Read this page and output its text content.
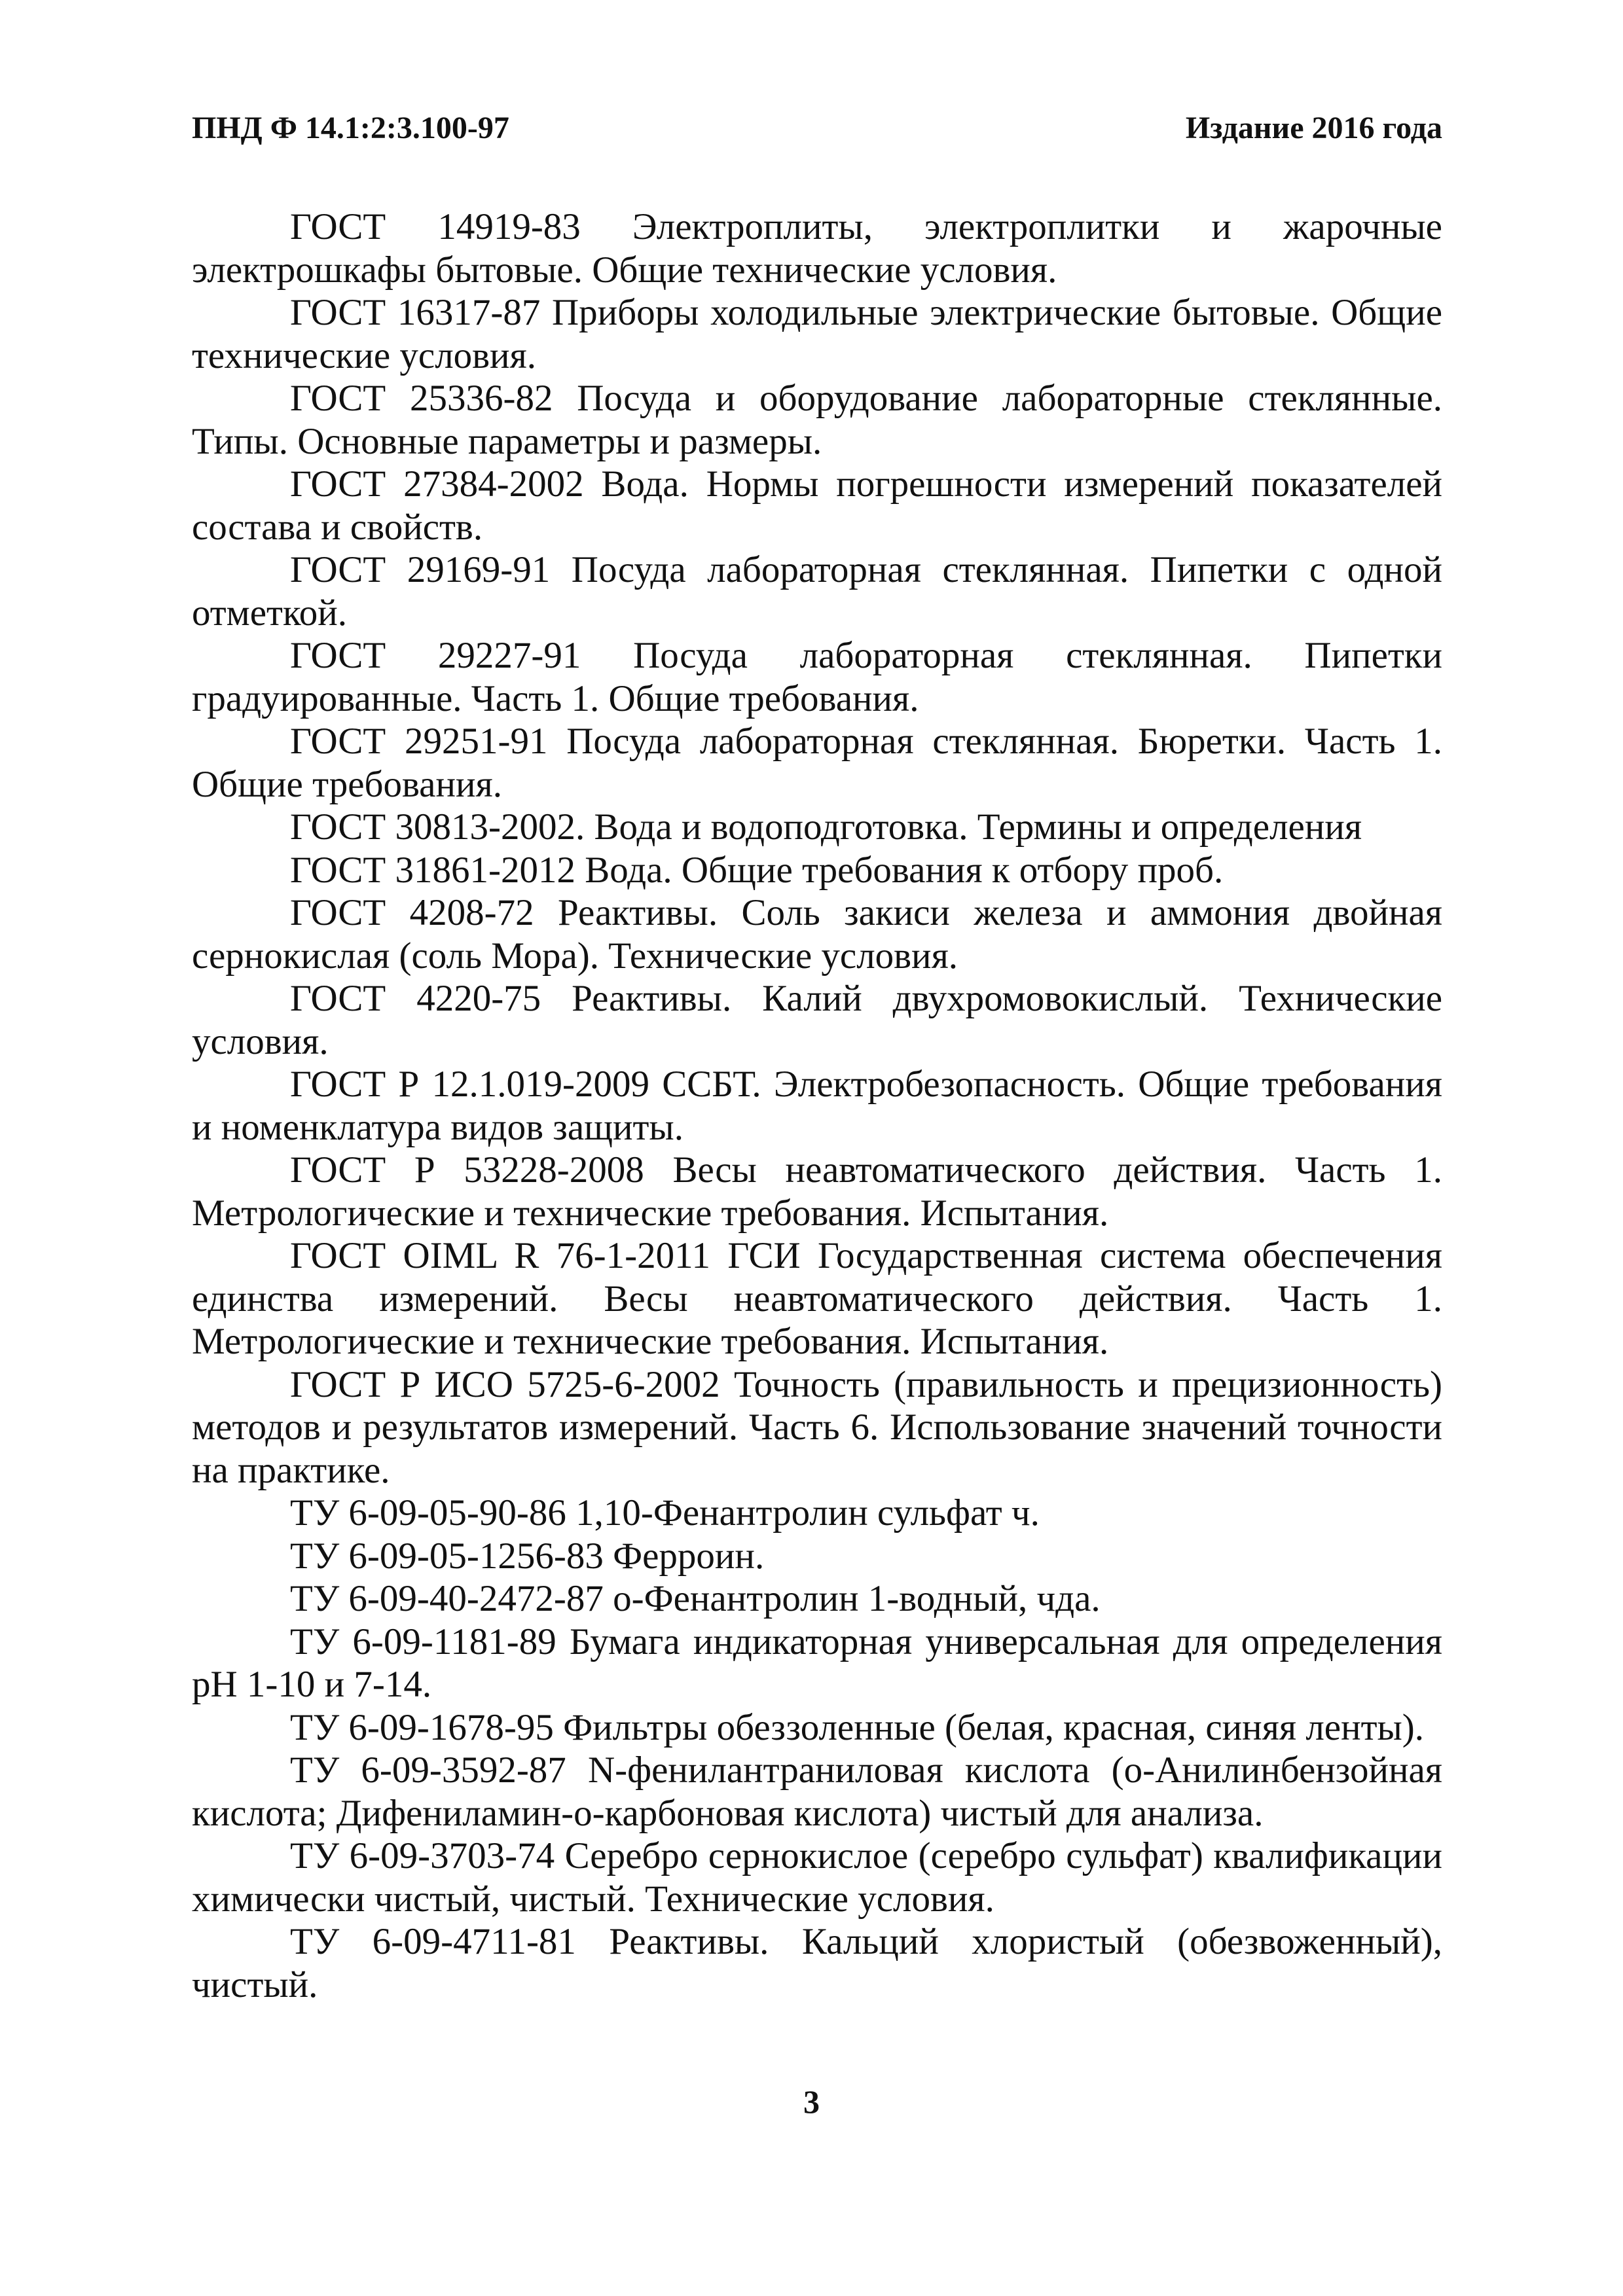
ПНД Ф 14.1:2:3.100-97	Издание 2016 года

ГОСТ 14919-83 Электроплиты, электроплитки и жарочные электрошкафы бытовые. Общие технические условия.

ГОСТ 16317-87 Приборы холодильные электрические бытовые. Общие технические условия.

ГОСТ 25336-82 Посуда и оборудование лабораторные стеклянные. Типы. Основные параметры и размеры.

ГОСТ 27384-2002 Вода. Нормы погрешности измерений показателей состава и свойств.

ГОСТ 29169-91 Посуда лабораторная стеклянная. Пипетки с одной отметкой.

ГОСТ 29227-91 Посуда лабораторная стеклянная. Пипетки градуированные. Часть 1. Общие требования.

ГОСТ 29251-91 Посуда лабораторная стеклянная. Бюретки. Часть 1. Общие требования.

ГОСТ 30813-2002. Вода и водоподготовка. Термины и определения

ГОСТ 31861-2012 Вода. Общие требования к отбору проб.

ГОСТ 4208-72 Реактивы. Соль закиси железа и аммония двойная сернокислая (соль Мора). Технические условия.

ГОСТ 4220-75 Реактивы. Калий двухромовокислый. Технические условия.

ГОСТ Р 12.1.019-2009 ССБТ. Электробезопасность. Общие требования и номенклатура видов защиты.

ГОСТ Р 53228-2008 Весы неавтоматического действия. Часть 1. Метрологические и технические требования. Испытания.

ГОСТ OIML R 76-1-2011 ГСИ Государственная система обеспечения единства измерений. Весы неавтоматического действия. Часть 1. Метрологические и технические требования. Испытания.

ГОСТ Р ИСО 5725-6-2002 Точность (правильность и прецизионность) методов и результатов измерений. Часть 6. Использование значений точности на практике.

ТУ 6-09-05-90-86 1,10-Фенантролин сульфат ч.

ТУ 6-09-05-1256-83 Ферроин.

ТУ 6-09-40-2472-87 о-Фенантролин 1-водный, чда.

ТУ 6-09-1181-89 Бумага индикаторная универсальная для определения pH 1-10 и 7-14.

ТУ 6-09-1678-95 Фильтры обеззоленные (белая, красная, синяя ленты).

ТУ 6-09-3592-87 N-фенилантраниловая кислота (о-Анилинбензойная кислота; Дифениламин-о-карбоновая кислота) чистый для анализа.

ТУ 6-09-3703-74 Серебро сернокислое (серебро сульфат) квалификации химически чистый, чистый. Технические условия.

ТУ 6-09-4711-81 Реактивы. Кальций хлористый (обезвоженный), чистый.

3
